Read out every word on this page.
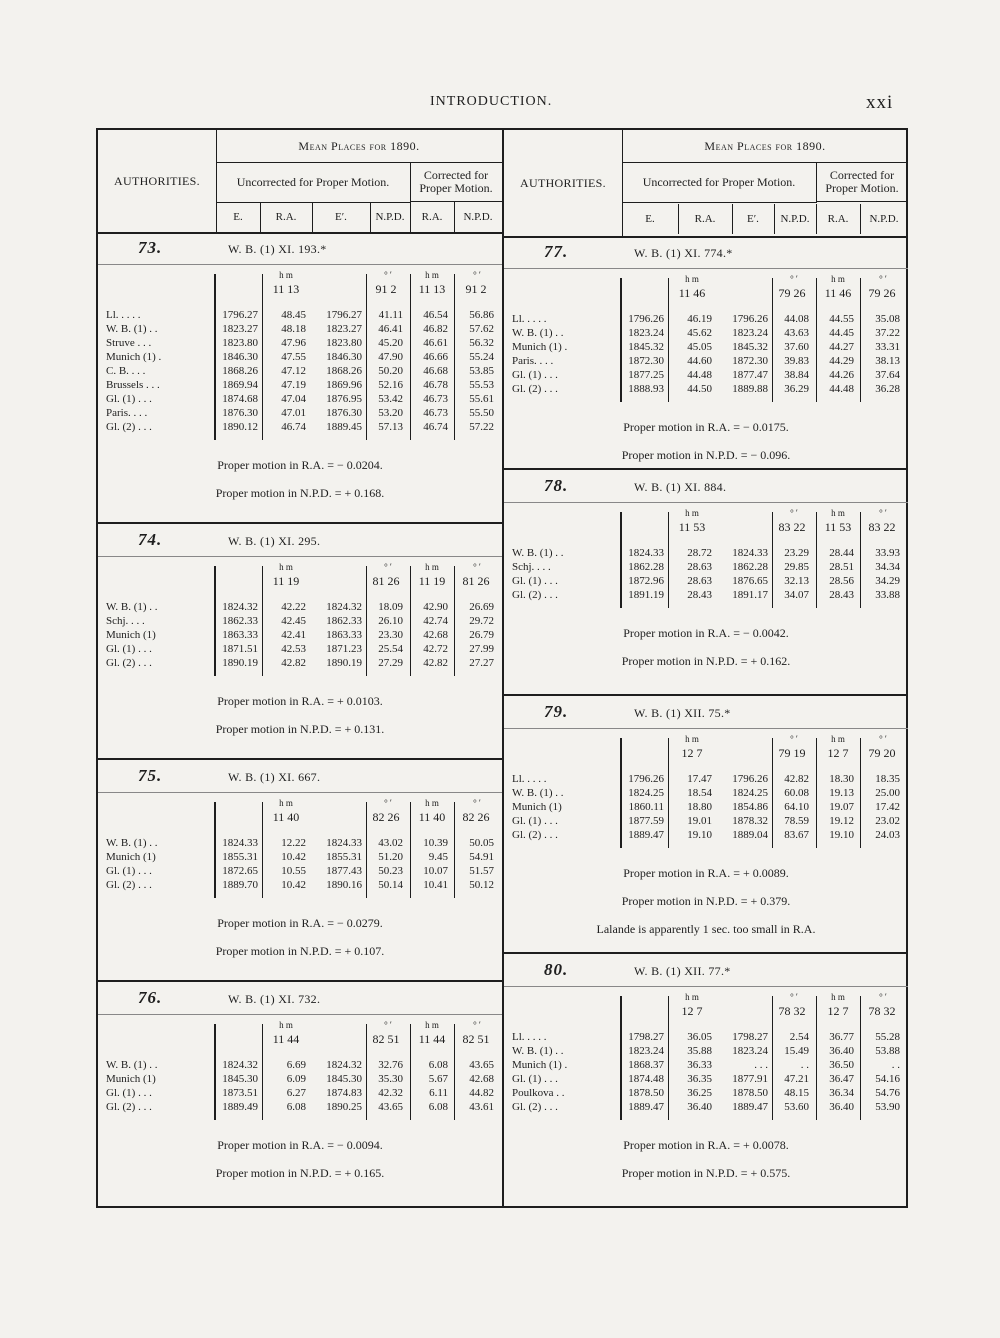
INTRODUCTION.	xxi
AUTHORITIES.
Mean Places for 1890.
Uncorrected for Proper Motion.	Corrected for
Proper Motion.
E.	R.A.	E′.	N.P.D.	R.A.	N.P.D.
73.	W. B. (1) XI. 193.*
h m
11 13
° ′
91 2
h m
11 13
° ′
91 2
Ll. . . . .	1796.27 48.45 1796.27 41.11 46.54 56.86
W. B. (1) . .	1823.27 48.18 1823.27 46.41 46.82 57.62
Struve . . .	1823.80 47.96 1823.80 45.20 46.61 56.32
Munich (1) .	1846.30 47.55 1846.30 47.90 46.66 55.24
C. B. . . .	1868.26 47.12 1868.26 50.20 46.68 53.85
Brussels . . .	1869.94 47.19 1869.96 52.16 46.78 55.53
Gl. (1) . . .	1874.68 47.04 1876.95 53.42 46.73 55.61
Paris. . . .	1876.30 47.01 1876.30 53.20 46.73 55.50
Gl. (2) . . .	1890.12 46.74 1889.45 57.13 46.74 57.22
Proper motion in R.A. = − 0.0204.
Proper motion in N.P.D. = + 0.168.
74.	W. B. (1) XI. 295.
h m
11 19
° ′
81 26
h m
11 19
° ′
81 26
W. B. (1) . .	1824.32 42.22 1824.32 18.09 42.90 26.69
Schj. . . .	1862.33 42.45 1862.33 26.10 42.74 29.72
Munich (1)	1863.33 42.41 1863.33 23.30 42.68 26.79
Gl. (1) . . .	1871.51 42.53 1871.23 25.54 42.72 27.99
Gl. (2) . . .	1890.19 42.82 1890.19 27.29 42.82 27.27
Proper motion in R.A. = + 0.0103.
Proper motion in N.P.D. = + 0.131.
75.	W. B. (1) XI. 667.
h m
11 40
° ′
82 26
h m
11 40
° ′
82 26
W. B. (1) . .	1824.33 12.22 1824.33 43.02 10.39 50.05
Munich (1)	1855.31 10.42 1855.31 51.20 9.45 54.91
Gl. (1) . . .	1872.65 10.55 1877.43 50.23 10.07 51.57
Gl. (2) . . .	1889.70 10.42 1890.16 50.14 10.41 50.12
Proper motion in R.A. = − 0.0279.
Proper motion in N.P.D. = + 0.107.
76.	W. B. (1) XI. 732.
h m
11 44
° ′
82 51
h m
11 44
° ′
82 51
W. B. (1) . .	1824.32	6.69 1824.32 32.76 6.08 43.65
Munich (1)	1845.30	6.09 1845.30 35.30 5.67 42.68
Gl. (1) . . .	1873.51	6.27 1874.83 42.32 6.11 44.82
Gl. (2) . . .	1889.49	6.08 1890.25 43.65 6.08 43.61
Proper motion in R.A. = − 0.0094.
Proper motion in N.P.D. = + 0.165.
AUTHORITIES.
Mean Places for 1890.
Uncorrected for Proper Motion.	Corrected for
Proper Motion.
E.	R.A.	E′.	N.P.D.	R.A.	N.P.D.
77.	W. B. (1) XI. 774.*
h m
11 46
° ′
79 26
h m
11 46
° ′
79 26
Ll. . . . .	1796.26 46.19 1796.26 44.08 44.55 35.08
W. B. (1) . .	1823.24 45.62 1823.24 43.63 44.45 37.22
Munich (1) .	1845.32 45.05 1845.32 37.60 44.27 33.31
Paris. . . .	1872.30 44.60 1872.30 39.83 44.29 38.13
Gl. (1) . . .	1877.25 44.48 1877.47 38.84 44.26 37.64
Gl. (2) . . .	1888.93 44.50 1889.88 36.29 44.48 36.28
Proper motion in R.A. = − 0.0175.
Proper motion in N.P.D. = − 0.096.
78.	W. B. (1) XI. 884.
h m
11 53
° ′
83 22
h m
11 53
° ′
83 22
W. B. (1) . .	1824.33 28.72 1824.33 23.29 28.44 33.93
Schj. . . .	1862.28 28.63 1862.28 29.85 28.51 34.34
Gl. (1) . . .	1872.96 28.63 1876.65 32.13 28.56 34.29
Gl. (2) . . .	1891.19 28.43 1891.17 34.07 28.43 33.88
Proper motion in R.A. = − 0.0042.
Proper motion in N.P.D. = + 0.162.
79.	W. B. (1) XII. 75.*
h m
12 7
° ′
79 19
h m
12 7
° ′
79 20
Ll. . . . .	1796.26 17.47 1796.26 42.82 18.30 18.35
W. B. (1) . .	1824.25 18.54 1824.25 60.08 19.13 25.00
Munich (1)	1860.11 18.80 1854.86 64.10 19.07 17.42
Gl. (1) . . .	1877.59 19.01 1878.32 78.59 19.12 23.02
Gl. (2) . . .	1889.47 19.10 1889.04 83.67 19.10 24.03
Proper motion in R.A. = + 0.0089.
Proper motion in N.P.D. = + 0.379.
Lalande is apparently 1 sec. too small in R.A.
80.	W. B. (1) XII. 77.*
h m
12 7
° ′
78 32
h m
12 7
° ′
78 32
Ll. . . . .	1798.27 36.05 1798.27 2.54 36.77 55.28
W. B. (1) . .	1823.24 35.88 1823.24 15.49 36.40 53.88
Munich (1) .	1868.37 36.33	. . .	. . 36.50	. .
Gl. (1) . . .	1874.48 36.35 1877.91 47.21 36.47 54.16
Poulkova . .	1878.50 36.25 1878.50 48.15 36.34 54.76
Gl. (2) . . .	1889.47 36.40 1889.47 53.60 36.40 53.90
Proper motion in R.A. = + 0.0078.
Proper motion in N.P.D. = + 0.575.
